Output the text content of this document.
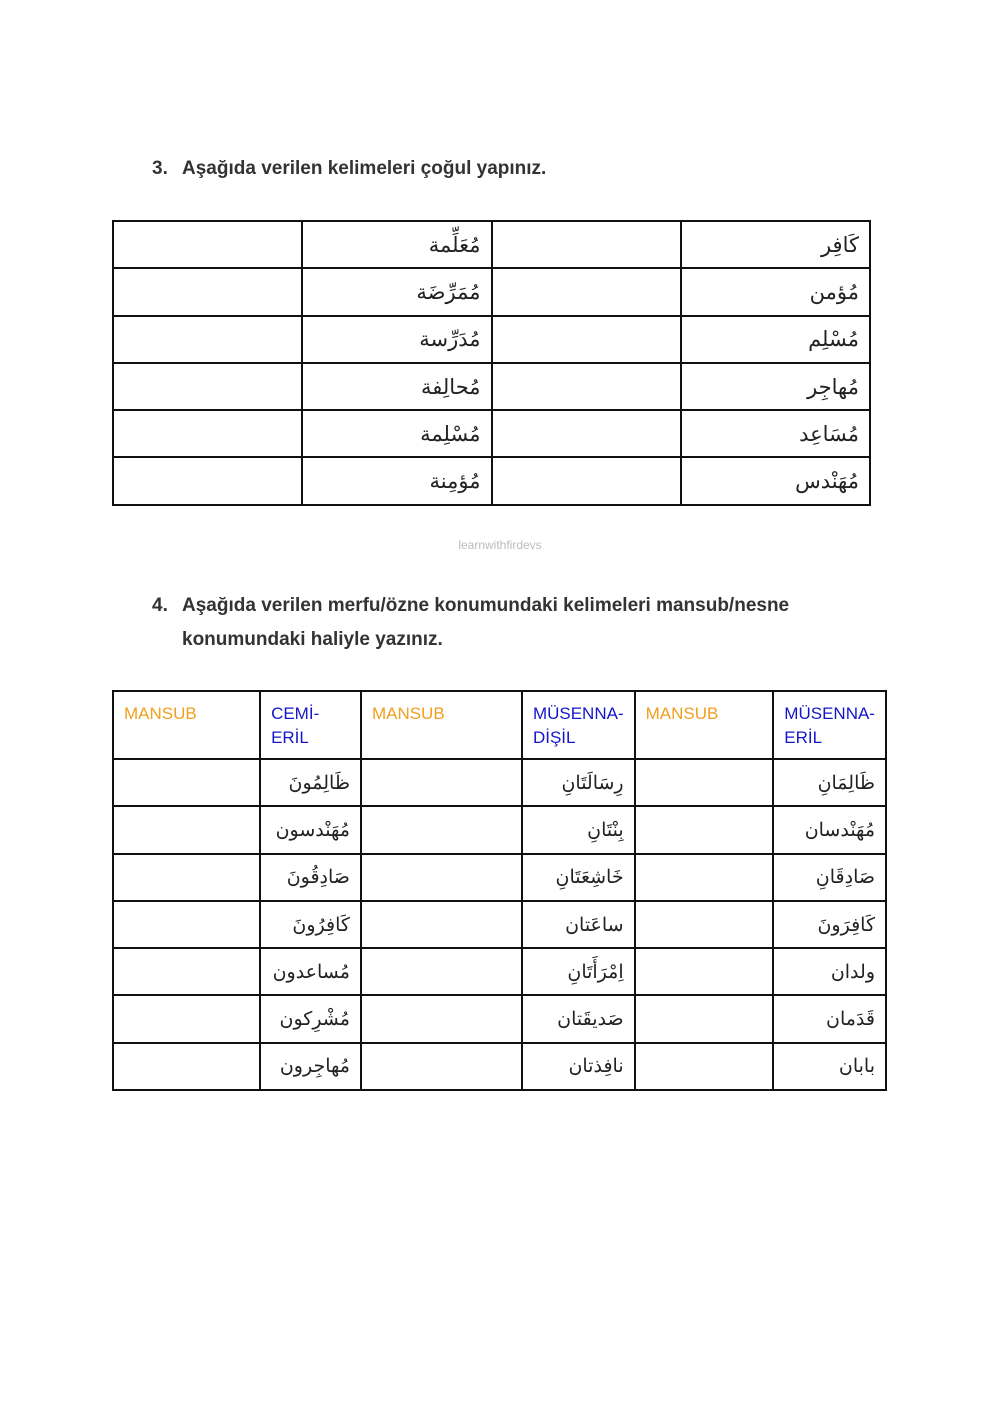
3. Aşağıda verilen kelimeleri çoğul yapınız.
	مُعَلِّمة		كَافِر
	مُمَرِّضَة		مُؤمن
	مُدَرِّسة		مُسْلِم
	مُحالِفة		مُهاجِر
	مُسْلِمة		مُسَاعِد
	مُؤمِنة		مُهَنْدس
learnwithfirdevs
4. Aşağıda verilen merfu/özne konumundaki kelimeleri mansub/nesne konumundaki haliyle yazınız.
MANSUB	CEMİ-ERİL	MANSUB	MÜSENNA-DİŞİL	MANSUB	MÜSENNA-ERİL
	ظَالِمُونَ		رِسَالَتَانِ		ظَالِمَانِ
	مُهَنْدسون		بِنْتَانِ		مُهَنْدسان
	صَادِقُونَ		خَاشِعَتَانِ		صَادِقَانِ
	كَافِرُونَ		ساعَتان		كَافِرَونَ
	مُساعدون		اِمْرَأَتَانِ		ولدان
	مُشْرِكون		صَديقَتان		قَدَمان
	مُهاجِرون		نافِذتان		بابان
